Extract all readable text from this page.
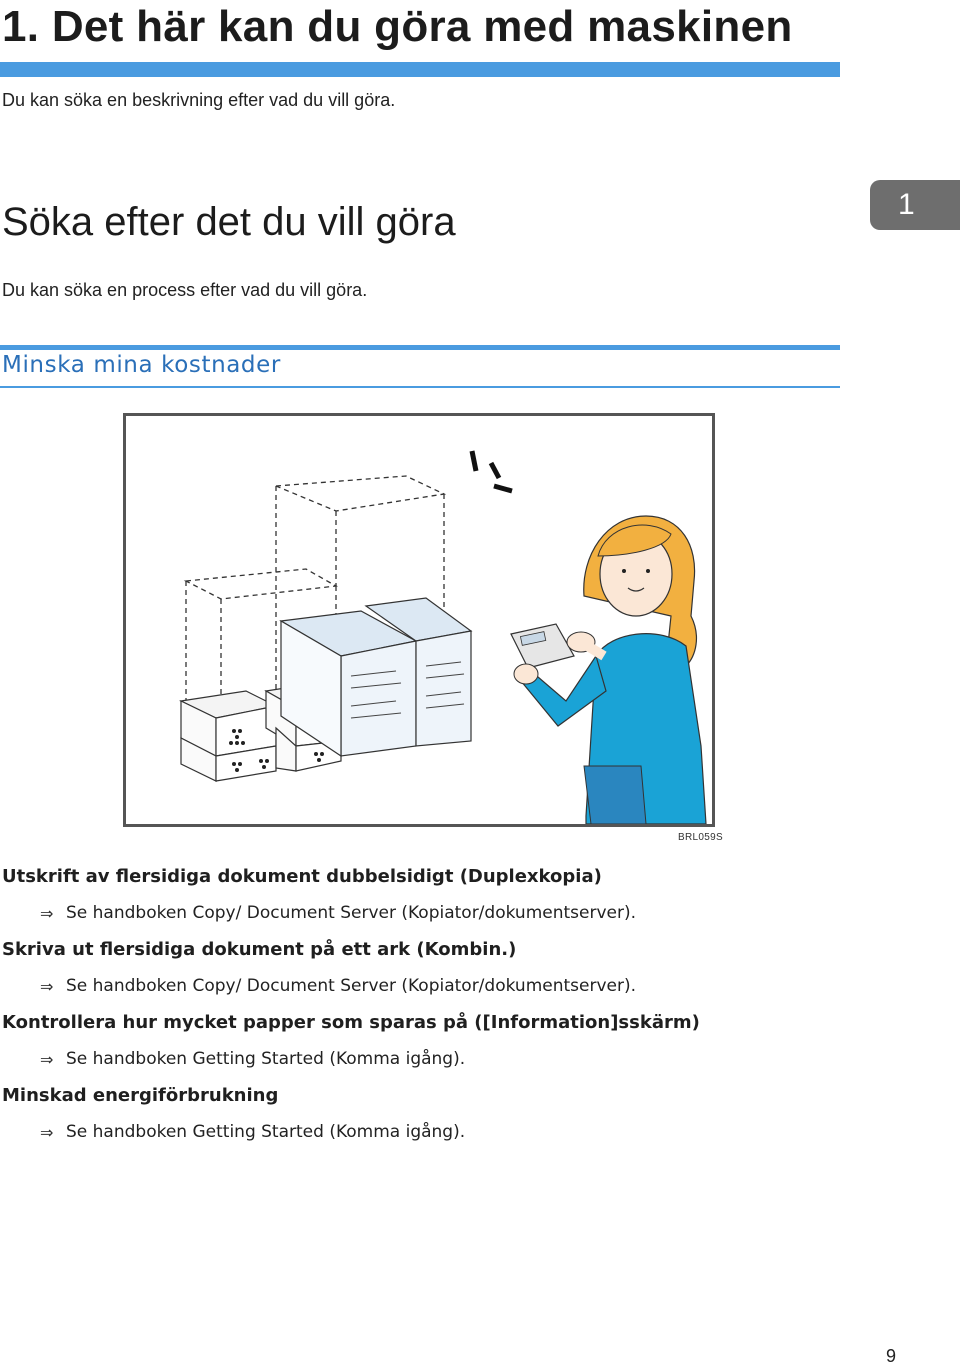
1. Det här kan du göra med maskinen
Du kan söka en beskrivning efter vad du vill göra.
Söka efter det du vill göra	1
Du kan söka en process efter vad du vill göra.
Minska mina kostnader
BRL059S
Utskrift av flersidiga dokument dubbelsidigt (Duplexkopia)
⇒ Se handboken Copy/ Document Server (Kopiator/dokumentserver).
Skriva ut flersidiga dokument på ett ark (Kombin.)
⇒ Se handboken Copy/ Document Server (Kopiator/dokumentserver).
Kontrollera hur mycket papper som sparas på ([Information]sskärm)
⇒ Se handboken Getting Started (Komma igång).
Minskad energiförbrukning
⇒ Se handboken Getting Started (Komma igång).
9
